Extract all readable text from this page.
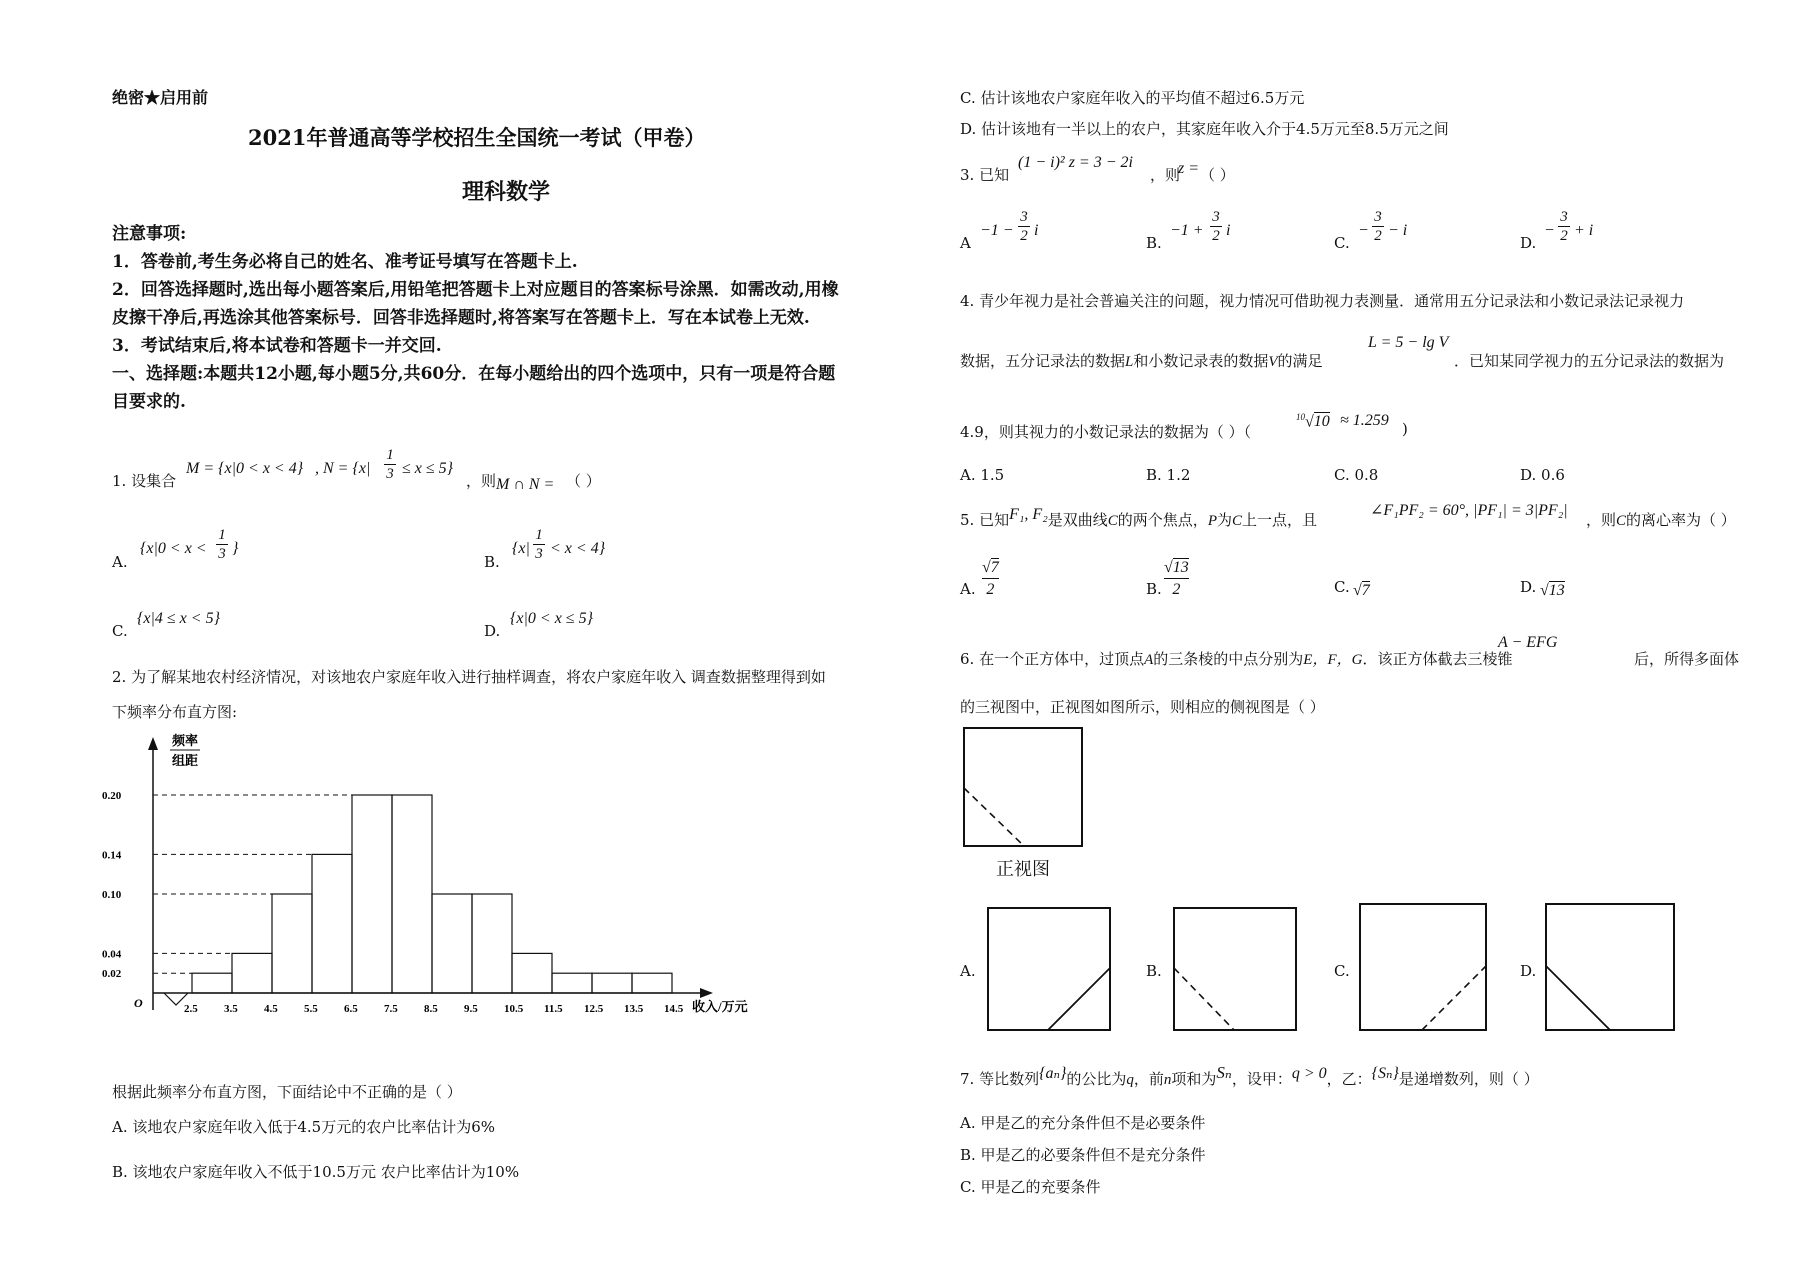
绝密★启用前
2021年普通高等学校招生全国统一考试（甲卷）
理科数学
注意事项:
1．答卷前,考生务必将自己的姓名、准考证号填写在答题卡上.
2．回答选择题时,选出每小题答案后,用铅笔把答题卡上对应题目的答案标号涂黑．如需改动,用橡
皮擦干净后,再选涂其他答案标号．回答非选择题时,将答案写在答题卡上．写在本试卷上无效.
3．考试结束后,将本试卷和答题卡一并交回.
一、选择题:本题共12小题,每小题5分,共60分．在每小题给出的四个选项中，只有一项是符合题
目要求的.
1. 设集合
M = {x|0 < x < 4} , N = {x|
1
3 ≤ x ≤ 5}
，则 M ∩ N = （ ）
A.
{x|0 < x <
1
3 }
B.
{x|
1
3 < x < 4}
C.
{x|4 ≤ x < 5}
D.
{x|0 < x ≤ 5}
2. 为了解某地农村经济情况，对该地农户家庭年收入进行抽样调查，将农户家庭年收入 调查数据整理得到如
下频率分布直方图:
频率
组距
收入/万元
O	2.5 3.5 4.5 5.5 6.5 7.5 8.5 9.5 10.5 11.5 12.5 13.5 14.5
0.02
0.04
0.10
0.14
0.20
根据此频率分布直方图，下面结论中不正确的是（ ）
A. 该地农户家庭年收入低于4.5万元的农户比率估计为6%
B. 该地农户家庭年收入不低于10.5万元 农户比率估计为10%
C. 估计该地农户家庭年收入的平均值不超过6.5万元
D. 估计该地有一半以上的农户，其家庭年收入介于4.5万元至8.5万元之间
3. 已知
(1 − i)² z = 3 − 2i
，则
z = （ ）
A
−1 −
3
2 i
B.
−1 +
3
2 i
C.
−
3
2 − i
D.
−
3
2 + i
4. 青少年视力是社会普遍关注的问题，视力情况可借助视力表测量．通常用五分记录法和小数记录法记录视力
数据，五分记录法的数据L和小数记录表的数据V的满足
L = 5 − lg V
．已知某同学视力的五分记录法的数据为
4.9，则其视力的小数记录法的数据为（ ）（
$^{10}$√10 ≈ 1.259 )
A. 1.5	B. 1.2	C. 0.8	D. 0.6
5. 已知F₁, F₂是双曲线C的两个焦点，P为C上一点，且
∠F₁PF₂ = 60°, |PF₁| = 3|PF₂|
，则C的离心率为（ ）
A.
√7
2	B.
√13
2	C. √7	D. √13
6. 在一个正方体中，过顶点A的三条棱的中点分别为E，F，G．该正方体截去三棱锥
A − EFG
后，所得多面体
的三视图中，正视图如图所示，则相应的侧视图是（ ）
正视图
A.	B.	C.	D.
7. 等比数列{aₙ}的公比为q，前n项和为Sₙ，设甲：q > 0，乙：{Sₙ}是递增数列，则（ ）
A. 甲是乙的充分条件但不是必要条件
B. 甲是乙的必要条件但不是充分条件
C. 甲是乙的充要条件
